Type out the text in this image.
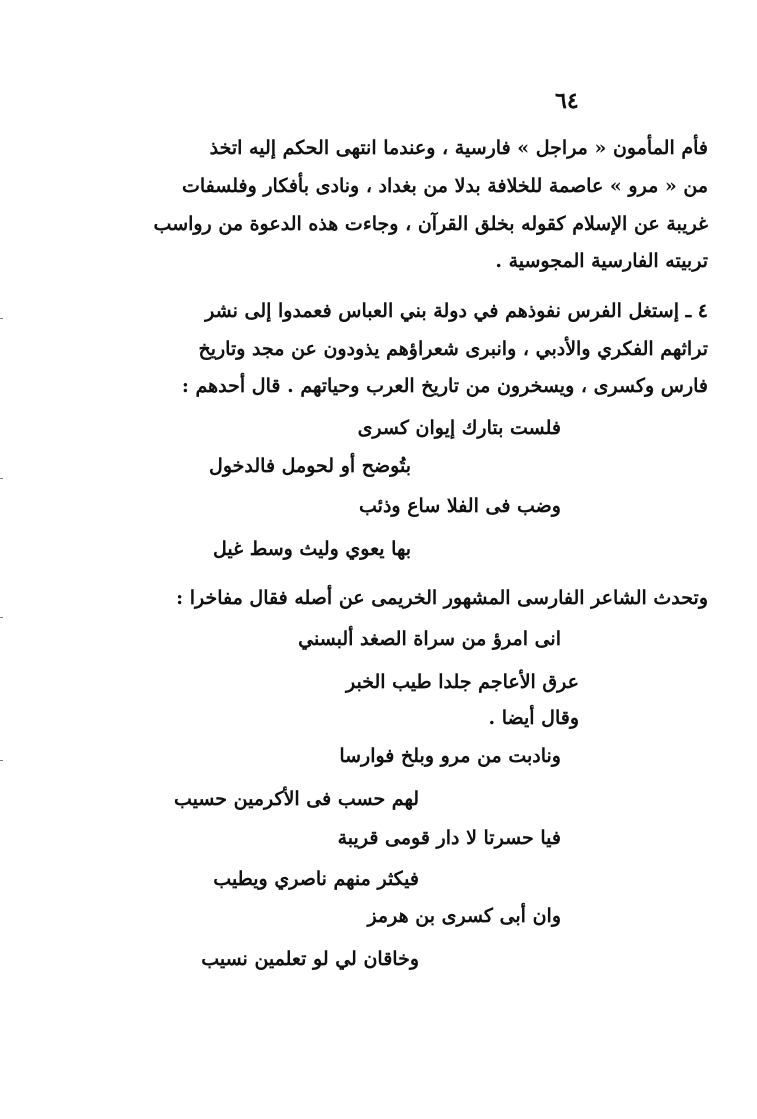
٦٤
فأم المأمون « مراجل » فارسية ، وعندما انتهى الحكم إليه اتخذ
من « مرو » عاصمة للخلافة بدلا من بغداد ، ونادى بأفكار وفلسفات
غريبة عن الإسلام كقوله بخلق القرآن ، وجاءت هذه الدعوة من رواسب
تربيته الفارسية المجوسية .
٤ ـ إستغل الفرس نفوذهم في دولة بني العباس فعمدوا إلى نشر
تراثهم الفكري والأدبي ، وانبرى شعراؤهم يذودون عن مجد وتاريخ
فارس وكسرى ، ويسخرون من تاريخ العرب وحياتهم . قال أحدهم :
فلست بتارك إيوان كسرى
بتُوضح أو لحومل فالدخول
وضب فى الفلا ساع وذئب
بها يعوي وليث وسط غيل
وتحدث الشاعر الفارسى المشهور الخريمى عن أصله فقال مفاخرا :
انى امرؤ من سراة الصغد ألبسني
عرق الأعاجم جلدا طيب الخبر
وقال أيضا .
ونادبت من مرو وبلخ فوارسا
لهم حسب فى الأكرمين حسيب
فيا حسرتا لا دار قومى قريبة
فيكثر منهم ناصري ويطيب
وان أبى كسرى بن هرمز
وخاقان لي لو تعلمين نسيب
